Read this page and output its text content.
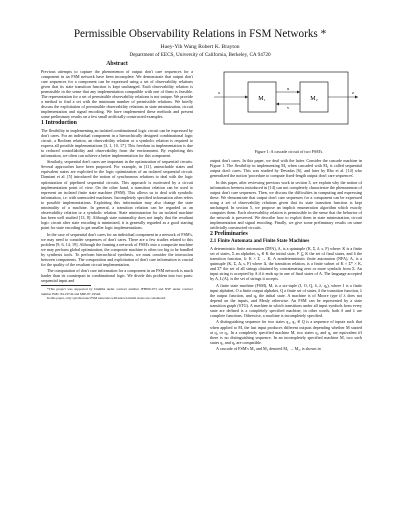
Permissible Observability Relations in FSM Networks *
Huey-Yih Wang Robert K. Brayton
Department of EECS, University of California, Berkeley, CA 94720
Abstract

Previous attempts to capture the phenomenon of output don't care sequences for a component in an FSM network have been incomplete. We demonstrate that output don't care sequences for a component can be expressed using a set of observability relations given that its state transition function is kept unchanged. Each observability relation is permissible in the sense that any implementation compatible with one of them is feasible. The representation for a set of permissible observability relations is not unique. We provide a method to find a set with the minimum number of permissible relations. We briefly discuss the exploitation of permissible observability relations in state minimization, circuit implementation and signal encoding. We have implemented these methods and present some preliminary results on a few small artificially constructed examples.

1 Introduction

The flexibility in implementing an isolated combinational logic circuit can be expressed by don't cares. For an individual component in a hierarchically designed combinational logic circuit, a Boolean relation, an observability relation or a symbolic relation is required to express all possible implementations [3, 1, 10, 17]. This freedom in implementation is due to reduced controllability and observability from the environment. By exploiting this information, we often can achieve a better implementation for this component.

Similarly, sequential don't cares are important in the optimization of sequential circuits. Several approaches have been proposed. For example, in [11], unreachable states and equivalent states are exploited in the logic optimization of an isolated sequential circuit. Damiani et al. [5] introduced the notion of synchronous relations to deal with the logic optimization of pipelined sequential circuits. This approach is motivated by a circuit implementation point of view. On the other hand, a transition relation can be used to represent an isolated finite state machine (FSM). This allows us to deal with symbolic information, i.e. with unencoded machines. Incompletely specified information often refers to possible implementations. Exploiting this information may also change the state minimality of a machine. In general, a transition relation can be regarded as an observability relation or a symbolic relation. State minimization for an isolated machine has been well studied [13, 8]. Although state minimality does not imply that the resultant logic circuit after state encoding is minimized, it is generally regarded as a good starting point for state encoding to get smaller logic implementations.

In the case of sequential don't cares for an individual component in a network of FSM's, we may need to consider sequences of don't cares. There are a few studies related to this problem [9, 6, 14, 19]. Although the framing a network of FSM's into a composite machine we may perform global optimization, the composite machine is often too big to be handled by synthesis tools. To perform hierarchical synthesis, we must consider the interaction between components. The composition and exploitation of don't care information is crucial for the quality of the resultant circuit implementation.

The computation of don't care information for a component in an FSM network is much harder than its counterpart in combinational logic. We divide this problem into two parts: sequential input and

*This project was supported by DARPA under contract number JFBI90-073 and NSF under contract number EMC 84-19744 and MIP-87-19546.

In this paper, only synchronous FSM networks with known initial states are considered.

M₁	M₂
x
u
v
z

Figure 1: A cascade circuit of two FSM's.

output don't cares. In this paper, we deal with the latter. Consider the cascade machine in Figure 1. The flexibility in implementing M₁ when cascaded with M₂ is called sequential output don't cares. This was studied by Devadas [6], and later by Rho et al. [14] who generalized the notion 'procedure to compute fixed-length output don't care sequences'.

In this paper, after reviewing previous work in section 3, we explain why the notion of information freeness introduced in [14] can not completely characterize the phenomenon of output don't care sequences. Then, we discuss the difficulties in computing and expressing these. We demonstrate that output don't care sequences for a component can be expressed using a set of observability relations given that its state transition function is kept unchanged. In section 5, we propose an implicit enumeration algorithm which exactly computes them. Each observability relation is permissible in the sense that the behavior of the network is preserved. We describe how to exploit them in state minimization, circuit implementation and signal encoding. Finally, we give some preliminary results on some artificially constructed circuits.

2 Preliminaries
2.1 Finite Automata and Finite State Machines

A deterministic finite automaton (DFA), A, is a quintuple (K, Σ, δ, s, F) where: K is a finite set of states, Σ an alphabet, s₀ ∈ K the initial state, F ⊆ K the set of final states, and δ the transition function, δ: K × Σ → K. A nondeterministic finite automaton (NFA), A, is a quintuple (K, Σ, Δ, s, F) where Δ, the transition relation, is a finite subset of K × Σ* × K, and Σ* the set of all strings obtained by concatenating zero or more symbols from Σ. An input string is accepted by A if it ends up in one of final states of A. The language accepted by A, L(A), is the set of strings it accepts.

A finite state machine (FSM), M, is a six-tuple (I, O, Q, δ, λ, q₀), where I is a finite input alphabet, O a finite output alphabet, Q a finite set of states, δ the transition function, λ the output function, and q₀ the initial state. A machine is of Moore type if λ does not depend on the inputs, and Mealy otherwise. An FSM can be represented by a state transition graph (STG). A machine in which transitions under all input symbols from every state are defined is a completely specified machine; in other words, both δ and λ are complete functions. Otherwise, a machine is incompletely specified.

A distinguishing sequence for two states q₁, q₂ ∈ Q is a sequence of inputs such that when applied to M, the last input produces different outputs depending whether M started at q₁ or q₂. In a completely specified machine M, two states q₁ and q₂ are equivalent iff there is no distinguishing sequence. In an incompletely specified machine M, two such states q₁ and q₂ are compatible.

A cascade of FSM's M₁ and M₂ denoted M₁ → M₂, is shown in
